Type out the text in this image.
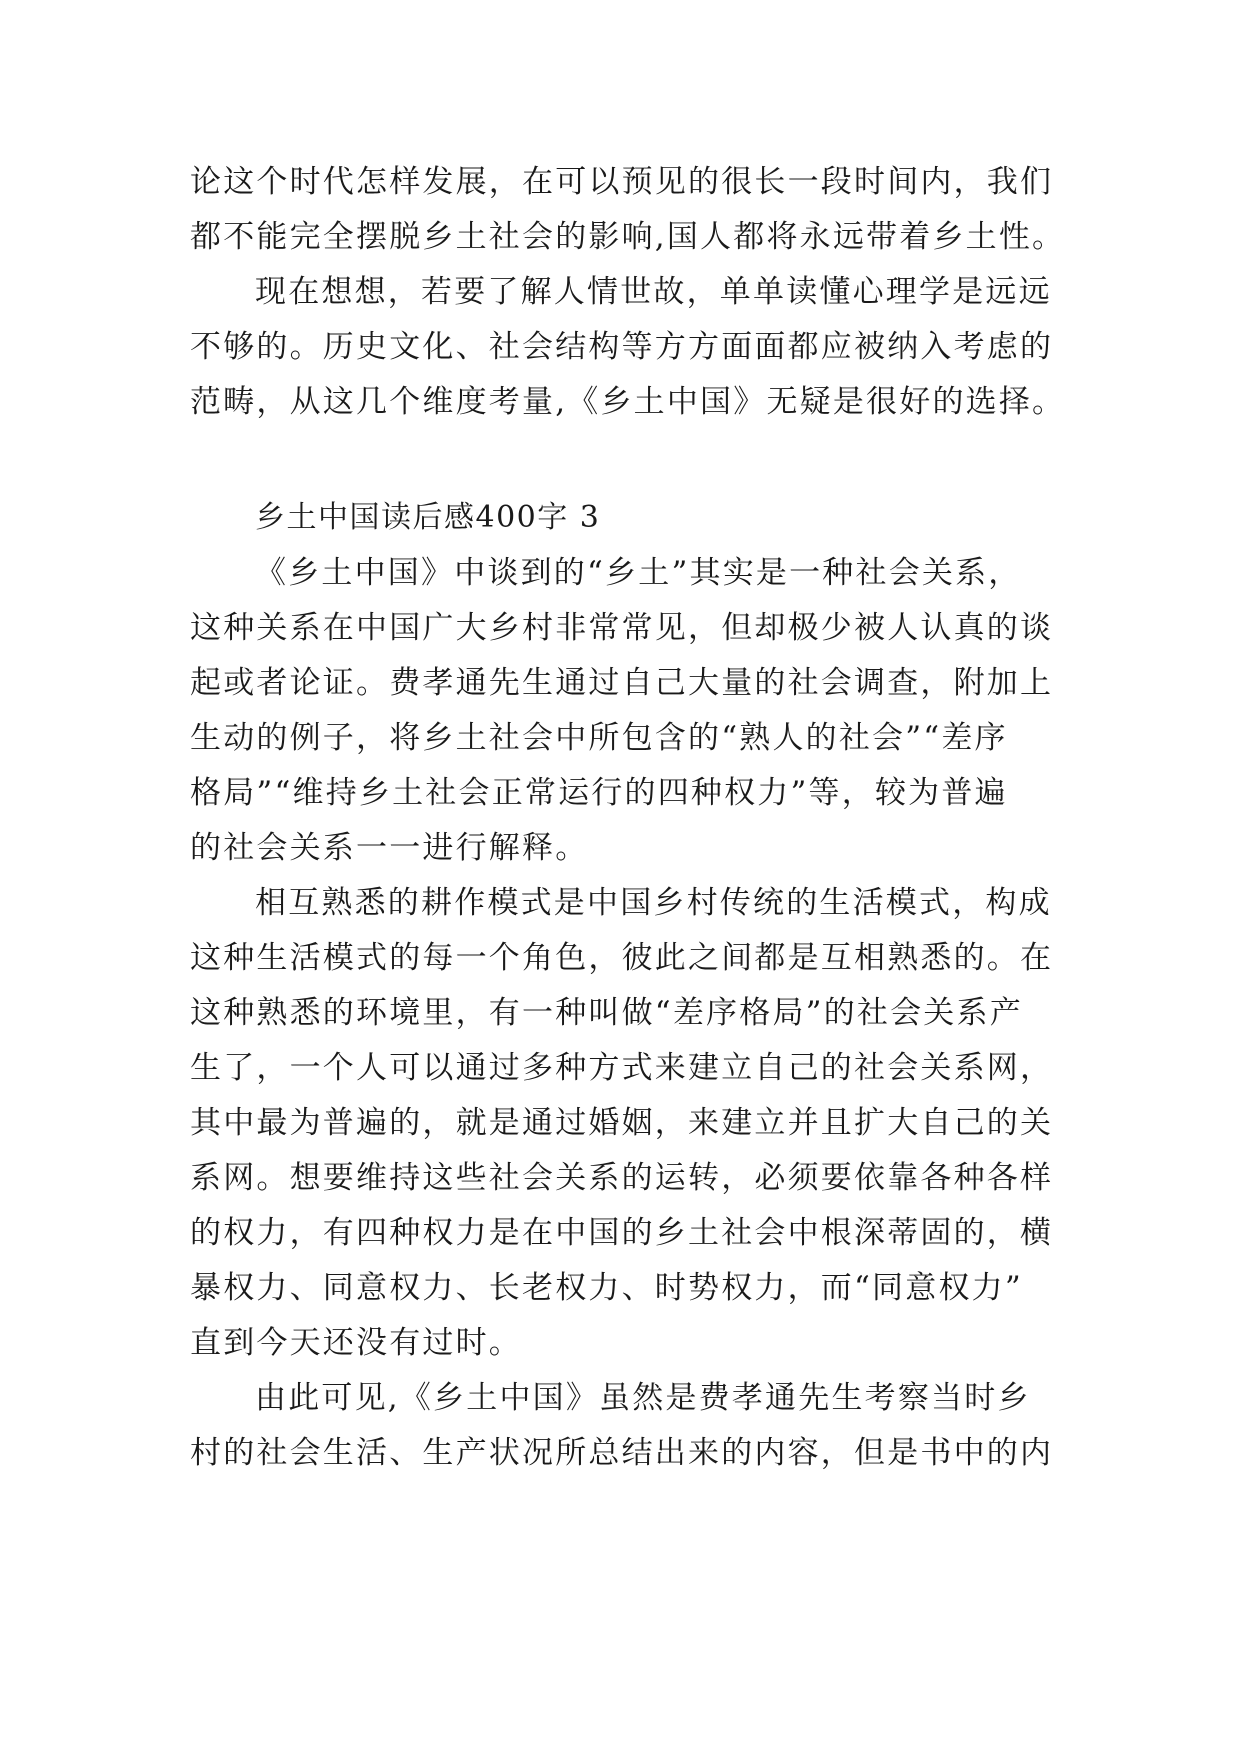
论这个时代怎样发展，在可以预见的很长一段时间内，我们
都不能完全摆脱乡土社会的影响,国人都将永远带着乡土性。
现在想想，若要了解人情世故，单单读懂心理学是远远
不够的。历史文化、社会结构等方方面面都应被纳入考虑的
范畴，从这几个维度考量,《乡土中国》无疑是很好的选择。
乡土中国读后感400字 3
《乡土中国》中谈到的“乡土”其实是一种社会关系，
这种关系在中国广大乡村非常常见，但却极少被人认真的谈
起或者论证。费孝通先生通过自己大量的社会调查，附加上
生动的例子，将乡土社会中所包含的“熟人的社会”“差序
格局”“维持乡土社会正常运行的四种权力”等，较为普遍
的社会关系一一进行解释。
相互熟悉的耕作模式是中国乡村传统的生活模式，构成
这种生活模式的每一个角色，彼此之间都是互相熟悉的。在
这种熟悉的环境里，有一种叫做“差序格局”的社会关系产
生了，一个人可以通过多种方式来建立自己的社会关系网，
其中最为普遍的，就是通过婚姻，来建立并且扩大自己的关
系网。想要维持这些社会关系的运转，必须要依靠各种各样
的权力，有四种权力是在中国的乡土社会中根深蒂固的，横
暴权力、同意权力、长老权力、时势权力，而“同意权力”
直到今天还没有过时。
由此可见,《乡土中国》虽然是费孝通先生考察当时乡
村的社会生活、生产状况所总结出来的内容，但是书中的内
